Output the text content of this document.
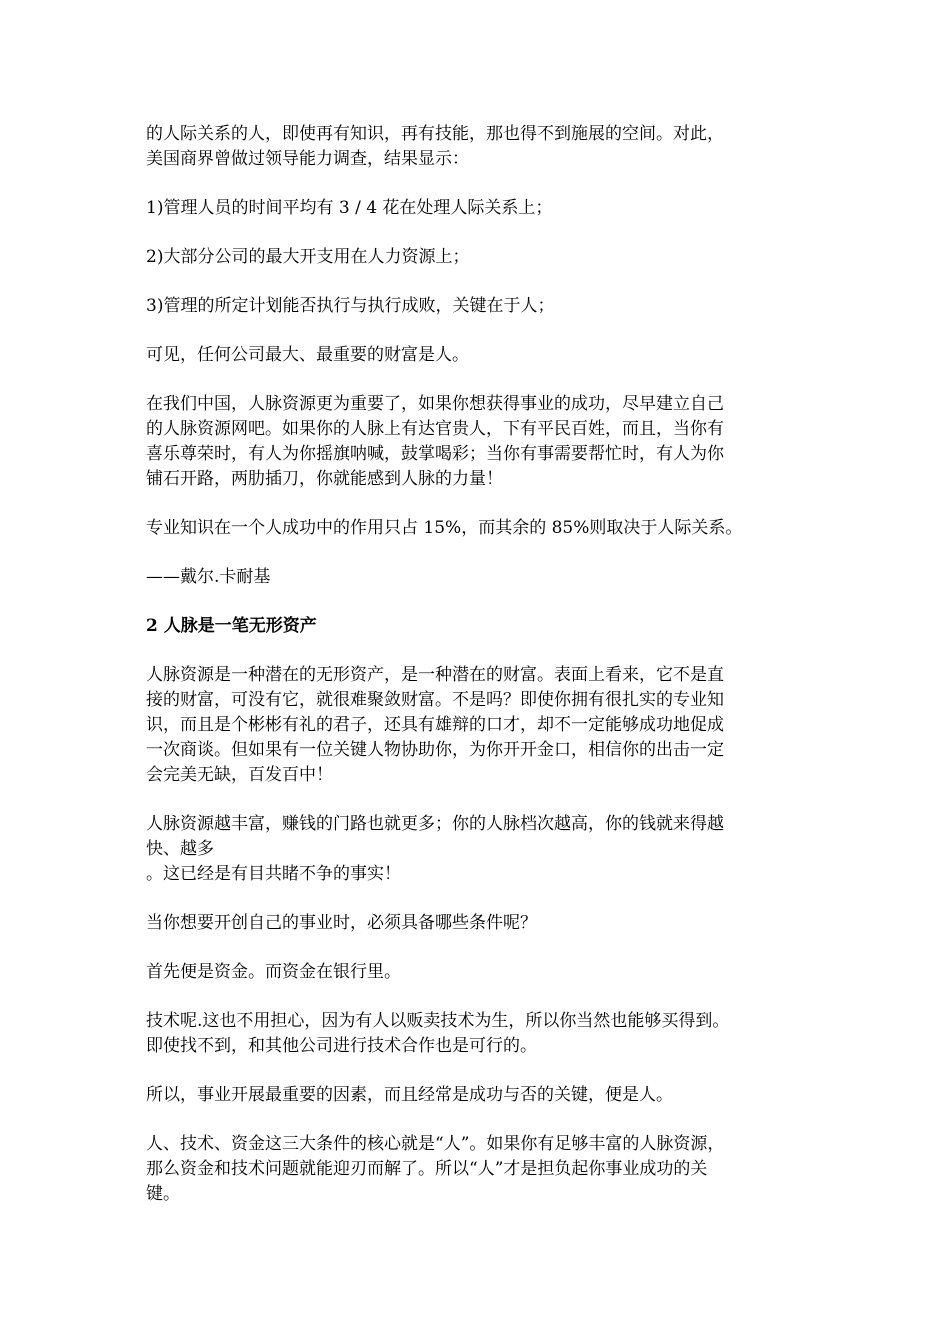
的人际关系的人，即使再有知识，再有技能，那也得不到施展的空间。对此，
美国商界曾做过领导能力调查，结果显示：

1)管理人员的时间平均有 3 / 4 花在处理人际关系上；

2)大部分公司的最大开支用在人力资源上；

3)管理的所定计划能否执行与执行成败，关键在于人；

可见，任何公司最大、最重要的财富是人。

在我们中国，人脉资源更为重要了，如果你想获得事业的成功，尽早建立自己
的人脉资源网吧。如果你的人脉上有达官贵人，下有平民百姓，而且，当你有
喜乐尊荣时，有人为你摇旗呐喊，鼓掌喝彩；当你有事需要帮忙时，有人为你
铺石开路，两肋插刀，你就能感到人脉的力量！

专业知识在一个人成功中的作用只占 15%，而其余的 85%则取决于人际关系。

——戴尔.卡耐基

2 人脉是一笔无形资产

人脉资源是一种潜在的无形资产，是一种潜在的财富。表面上看来，它不是直
接的财富，可没有它，就很难聚敛财富。不是吗？即使你拥有很扎实的专业知
识，而且是个彬彬有礼的君子，还具有雄辩的口才，却不一定能够成功地促成
一次商谈。但如果有一位关键人物协助你，为你开开金口，相信你的出击一定
会完美无缺，百发百中！

人脉资源越丰富，赚钱的门路也就更多；你的人脉档次越高，你的钱就来得越
快、越多
。这已经是有目共睹不争的事实！

当你想要开创自己的事业时，必须具备哪些条件呢？

首先便是资金。而资金在银行里。

技术呢.这也不用担心，因为有人以贩卖技术为生，所以你当然也能够买得到。
即使找不到，和其他公司进行技术合作也是可行的。

所以，事业开展最重要的因素，而且经常是成功与否的关键，便是人。

人、技术、资金这三大条件的核心就是“人”。如果你有足够丰富的人脉资源，
那么资金和技术问题就能迎刃而解了。所以“人”才是担负起你事业成功的关
键。
